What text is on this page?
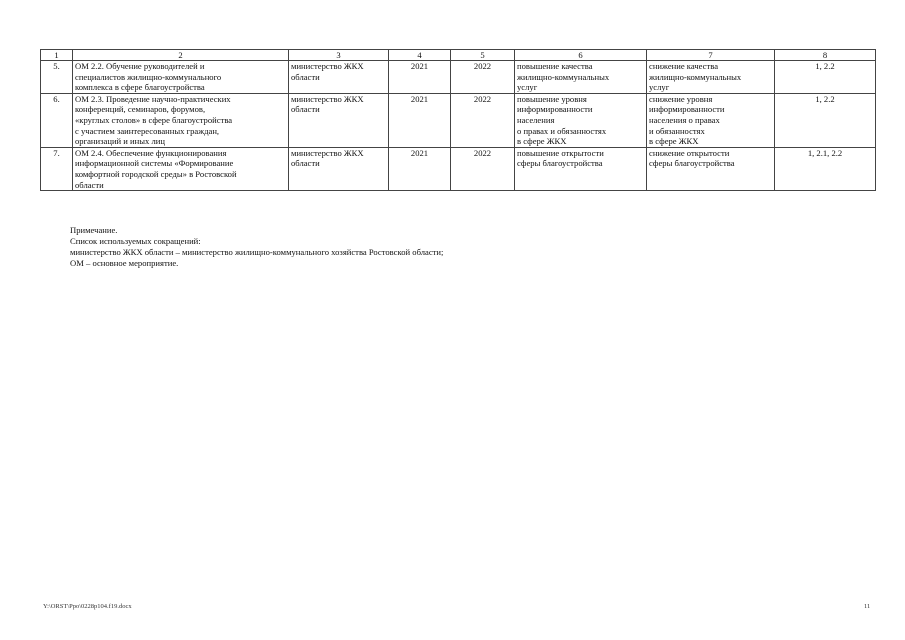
1	2	3	4	5	6	7	8
5.	ОМ 2.2. Обучение руководителей и
специалистов жилищно-коммунального
комплекса в сфере благоустройства	министерство ЖКХ
области	2021	2022	повышение качества
жилищно-коммунальных
услуг	снижение качества
жилищно-коммунальных
услуг	1, 2.2
6.	ОМ 2.3. Проведение научно-практических
конференций, семинаров, форумов,
«круглых столов» в сфере благоустройства
с участием заинтересованных граждан,
организаций и иных лиц	министерство ЖКХ
области	2021	2022	повышение уровня
информированности
населения
о правах и обязанностях
в сфере ЖКХ	снижение уровня
информированности
населения о правах
и обязанностях
в сфере ЖКХ	1, 2.2
7.	ОМ 2.4. Обеспечение функционирования
информационной системы «Формирование
комфортной городской среды» в Ростовской
области	министерство ЖКХ
области	2021	2022	повышение открытости
сферы благоустройства	снижение открытости
сферы благоустройства	1, 2.1, 2.2
Примечание.
Список используемых сокращений:
министерство ЖКХ области – министерство жилищно-коммунального хозяйства Ростовской области;
ОМ – основное мероприятие.
Y:\ORST\Ppo\0228p104.f19.docx	11
